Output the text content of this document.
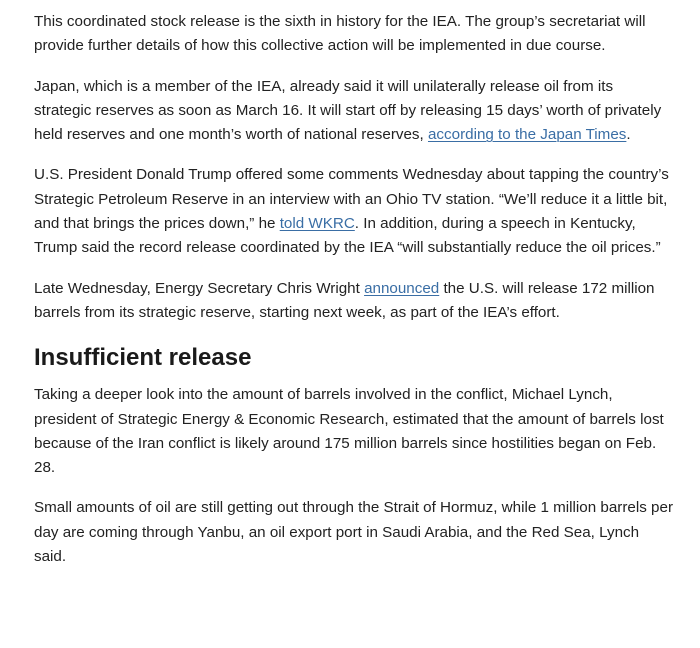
This coordinated stock release is the sixth in history for the IEA. The group’s secretariat will provide further details of how this collective action will be implemented in due course.

Japan, which is a member of the IEA, already said it will unilaterally release oil from its strategic reserves as soon as March 16. It will start off by releasing 15 days’ worth of privately held reserves and one month’s worth of national reserves, according to the Japan Times.

U.S. President Donald Trump offered some comments Wednesday about tapping the country’s Strategic Petroleum Reserve in an interview with an Ohio TV station. “We’ll reduce it a little bit, and that brings the prices down,” he told WKRC. In addition, during a speech in Kentucky, Trump said the record release coordinated by the IEA “will substantially reduce the oil prices.”

Late Wednesday, Energy Secretary Chris Wright announced the U.S. will release 172 million barrels from its strategic reserve, starting next week, as part of the IEA’s effort.

Insufficient release

Taking a deeper look into the amount of barrels involved in the conflict, Michael Lynch, president of Strategic Energy & Economic Research, estimated that the amount of barrels lost because of the Iran conflict is likely around 175 million barrels since hostilities began on Feb. 28.

Small amounts of oil are still getting out through the Strait of Hormuz, while 1 million barrels per day are coming through Yanbu, an oil export port in Saudi Arabia, and the Red Sea, Lynch said.
